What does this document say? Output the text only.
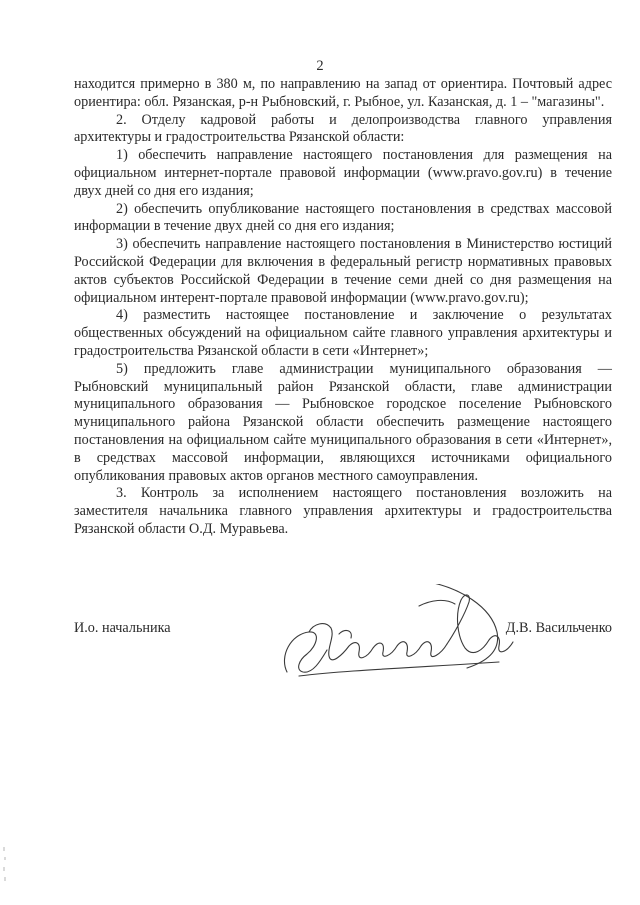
2

находится примерно в 380 м, по направлению на запад от ориентира. Почтовый адрес ориентира: обл. Рязанская, р-н Рыбновский, г. Рыбное, ул. Казанская, д. 1 – "магазины".

2. Отделу кадровой работы и делопроизводства главного управления архитектуры и градостроительства Рязанской области:

1) обеспечить направление настоящего постановления для размещения на официальном интернет-портале правовой информации (www.pravo.gov.ru) в течение двух дней со дня его издания;

2) обеспечить опубликование настоящего постановления в средствах массовой информации в течение двух дней со дня его издания;

3) обеспечить направление настоящего постановления в Министерство юстиций Российской Федерации для включения в федеральный регистр нормативных правовых актов субъектов Российской Федерации в течение семи дней со дня размещения на официальном интерент-портале правовой информации (www.pravo.gov.ru);

4) разместить настоящее постановление и заключение о результатах общественных обсуждений на официальном сайте главного управления архитектуры и градостроительства Рязанской области в сети «Интернет»;

5) предложить главе администрации муниципального образования — Рыбновский муниципальный район Рязанской области, главе администрации муниципального образования — Рыбновское городское поселение Рыбновского муниципального района Рязанской области обеспечить размещение настоящего постановления на официальном сайте муниципального образования в сети «Интернет», в средствах массовой информации, являющихся источниками официального опубликования правовых актов органов местного самоуправления.

3. Контроль за исполнением настоящего постановления возложить на заместителя начальника главного управления архитектуры и градостроительства Рязанской области О.Д. Муравьева.

И.о. начальника	Д.В. Васильченко
